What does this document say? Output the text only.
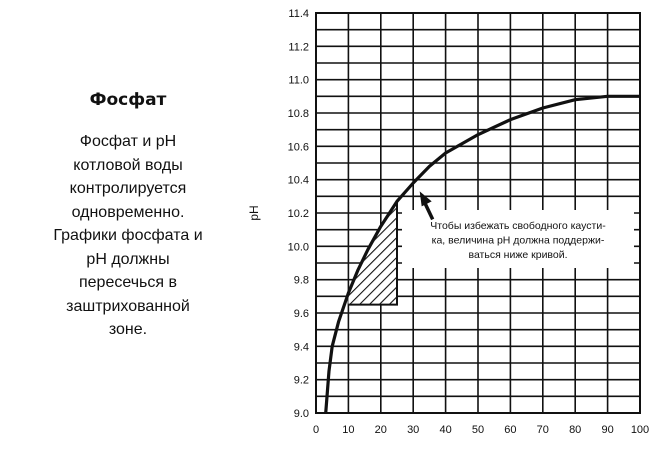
Фосфат
Фосфат и pH
котловой воды
контролируется
одновременно.
Графики фосфата и
pH должны
пересечься в
заштрихованной
зоне.
Чтобы избежать свободного каусти-
ка, величина pH должна поддержи-
ваться ниже кривой.
0 10 20 30 40 50 60 70 80 90 100
9.0
9.2
9.4
9.6
9.8
10.0
10.2
10.4
10.6
10.8
11.0
11.2
11.4
pH
